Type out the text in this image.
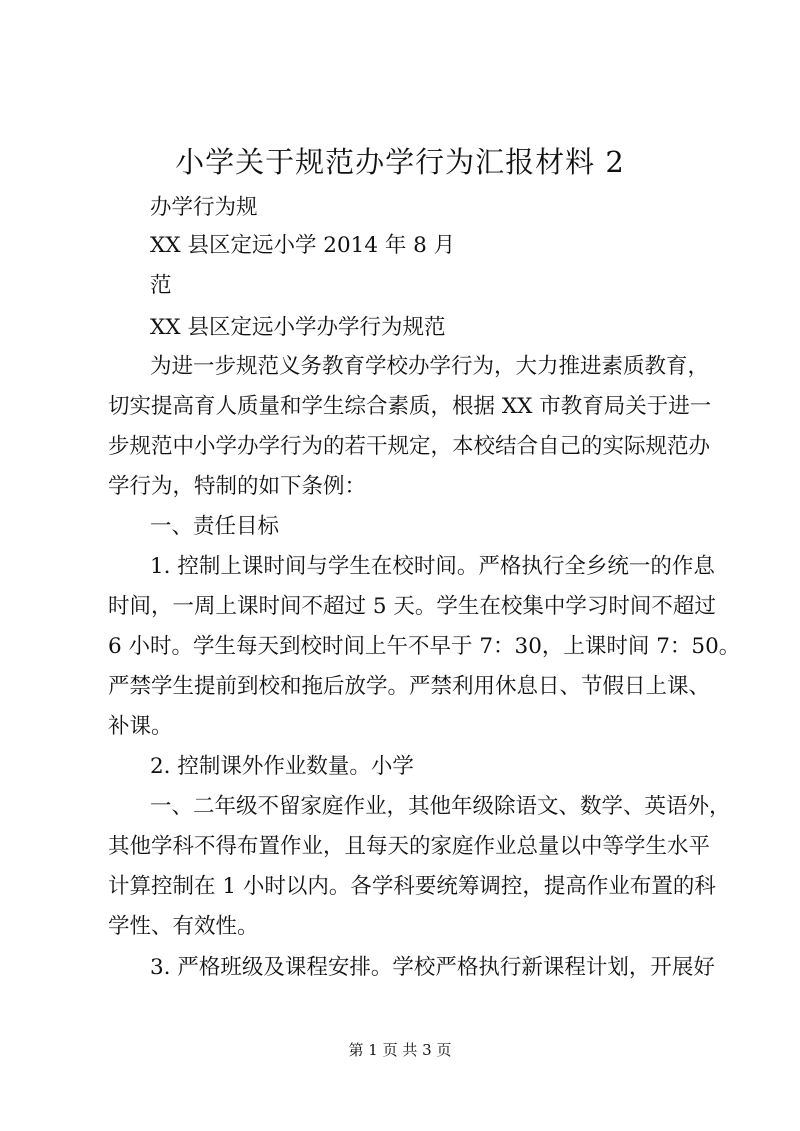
小学关于规范办学行为汇报材料 2

办学行为规

XX 县区定远小学 2014 年 8 月

范

XX 县区定远小学办学行为规范

为进一步规范义务教育学校办学行为，大力推进素质教育，

切实提高育人质量和学生综合素质，根据 XX 市教育局关于进一

步规范中小学办学行为的若干规定，本校结合自己的实际规范办

学行为，特制的如下条例：

一、责任目标

1. 控制上课时间与学生在校时间。严格执行全乡统一的作息

时间，一周上课时间不超过 5 天。学生在校集中学习时间不超过

6 小时。学生每天到校时间上午不早于 7：30，上课时间 7：50。

严禁学生提前到校和拖后放学。严禁利用休息日、节假日上课、

补课。

2. 控制课外作业数量。小学

一、二年级不留家庭作业，其他年级除语文、数学、英语外，

其他学科不得布置作业，且每天的家庭作业总量以中等学生水平

计算控制在 1 小时以内。各学科要统筹调控，提高作业布置的科

学性、有效性。

3. 严格班级及课程安排。学校严格执行新课程计划，开展好

第 1 页 共 3 页
